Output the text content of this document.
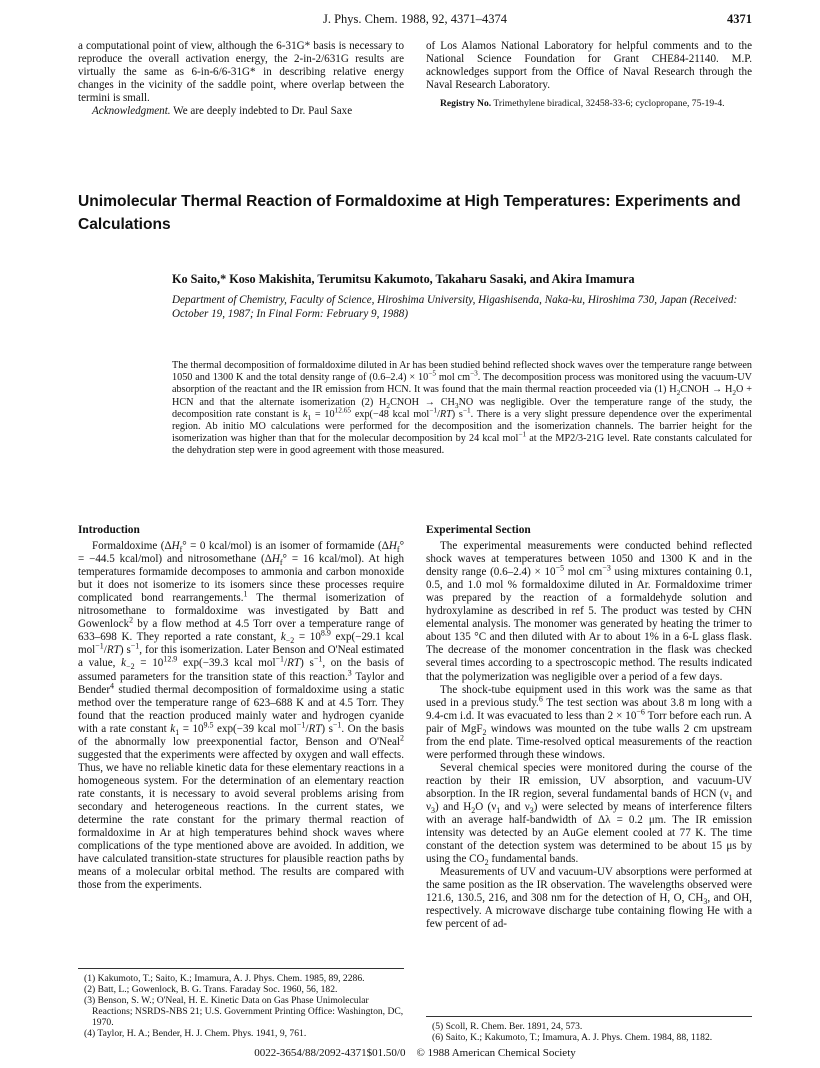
J. Phys. Chem. 1988, 92, 4371–4374	4371

a computational point of view, although the 6-31G* basis is necessary to reproduce the overall activation energy, the 2-in-2/631G results are virtually the same as 6-in-6/6-31G* in describing relative energy changes in the vicinity of the saddle point, where overlap between the termini is small.

Acknowledgment. We are deeply indebted to Dr. Paul Saxe

of Los Alamos National Laboratory for helpful comments and to the National Science Foundation for Grant CHE84-21140. M.P. acknowledges support from the Office of Naval Research through the Naval Research Laboratory.

Registry No. Trimethylene biradical, 32458-33-6; cyclopropane, 75-19-4.

Unimolecular Thermal Reaction of Formaldoxime at High Temperatures: Experiments and Calculations
Ko Saito,* Koso Makishita, Terumitsu Kakumoto, Takaharu Sasaki, and Akira Imamura
Department of Chemistry, Faculty of Science, Hiroshima University, Higashisenda, Naka-ku, Hiroshima 730, Japan (Received: October 19, 1987; In Final Form: February 9, 1988)
The thermal decomposition of formaldoxime diluted in Ar has been studied behind reflected shock waves over the temperature range between 1050 and 1300 K and the total density range of $(0.6-2.4) \times 10^{-5}$ mol $cm^{-3}$. The decomposition process was monitored using the vacuum-UV absorption of the reactant and the IR emission from HCN. It was found that the main thermal reaction proceeded via (1) $H_2CNOH \to H_2O$ + HCN and that the alternate isomerization (2) $H_2CNOH \to CH_3NO$ was negligible. Over the temperature range of the study, the decomposition rate constant is $k_1 = 10^{12.65}$ exp(−48 kcal mol$^{-1}$/RT) $s^{-1}$. There is a very slight pressure dependence over the experimental region. Ab initio MO calculations were performed for the decomposition and the isomerization channels. The barrier height for the isomerization was higher than that for the molecular decomposition by 24 kcal mol$^{-1}$ at the MP2/3-21G level. Rate constants calculated for the dehydration step were in good agreement with those measured.
Introduction

Formaldoxime ($\Delta H_f^\circ = 0$ kcal/mol) is an isomer of formamide ($\Delta H_f^\circ = -44.5$ kcal/mol) and nitrosomethane ($\Delta H_f^\circ = 16$ kcal/mol). At high temperatures formamide decomposes to ammonia and carbon monoxide but it does not isomerize to its isomers since these processes require complicated bond rearrangements.$^1$ The thermal isomerization of nitrosomethane to formaldoxime was investigated by Batt and Gowenlock$^2$ by a flow method at 4.5 Torr over a temperature range of 633–698 K. They reported a rate constant, $k_{-2} = 10^{8.9}$ exp(−29.1 kcal mol$^{-1}$/RT) $s^{-1}$, for this isomerization. Later Benson and O'Neal estimated a value, $k_{-2} = 10^{12.9}$ exp(−39.3 kcal mol$^{-1}$/RT) $s^{-1}$, on the basis of assumed parameters for the transition state of this reaction.$^3$ Taylor and Bender$^4$ studied thermal decomposition of formaldoxime using a static method over the temperature range of 623–688 K and at 4.5 Torr. They found that the reaction produced mainly water and hydrogen cyanide with a rate constant $k_1 = 10^{9.5}$ exp(−39 kcal mol$^{-1}$/RT) $s^{-1}$. On the basis of the abnormally low preexponential factor, Benson and O'Neal$^2$ suggested that the experiments were affected by oxygen and wall effects. Thus, we have no reliable kinetic data for these elementary reactions in a homogeneous system. For the determination of an elementary reaction rate constants, it is necessary to avoid several problems arising from secondary and heterogeneous reactions. In the current states, we determine the rate constant for the primary thermal reaction of formaldoxime in Ar at high temperatures behind shock waves where complications of the type mentioned above are avoided. In addition, we have calculated transition-state structures for plausible reaction paths by means of a molecular orbital method. The results are compared with those from the experiments.

Experimental Section

The experimental measurements were conducted behind reflected shock waves at temperatures between 1050 and 1300 K and in the density range $(0.6-2.4) \times 10^{-5}$ mol $cm^{-3}$ using mixtures containing 0.1, 0.5, and 1.0 mol % formaldoxime diluted in Ar. Formaldoxime trimer was prepared by the reaction of a formaldehyde solution and hydroxylamine as described in ref 5. The product was tested by CHN elemental analysis. The monomer was generated by heating the trimer to about 135 °C and then diluted with Ar to about 1% in a 6-L glass flask. The decrease of the monomer concentration in the flask was checked several times according to a spectroscopic method. The results indicated that the polymerization was negligible over a period of a few days.

The shock-tube equipment used in this work was the same as that used in a previous study.$^6$ The test section was about 3.8 m long with a 9.4-cm i.d. It was evacuated to less than $2 \times 10^{-6}$ Torr before each run. A pair of MgF$_2$ windows was mounted on the tube walls 2 cm upstream from the end plate. Time-resolved optical measurements of the reaction were performed through these windows.

Several chemical species were monitored during the course of the reaction by their IR emission, UV absorption, and vacuum-UV absorption. In the IR region, several fundamental bands of HCN ($\nu_1$ and $\nu_3$) and $H_2O$ ($\nu_1$ and $\nu_3$) were selected by means of interference filters with an average half-bandwidth of Δλ = 0.2 μm. The IR emission intensity was detected by an AuGe element cooled at 77 K. The time constant of the detection system was determined to be about 15 μs by using the $CO_2$ fundamental bands.

Measurements of UV and vacuum-UV absorptions were performed at the same position as the IR observation. The wavelengths observed were 121.6, 130.5, 216, and 308 nm for the detection of H, O, $CH_3$, and OH, respectively. A microwave discharge tube containing flowing He with a few percent of ad-

(1) Kakumoto, T.; Saito, K.; Imamura, A. J. Phys. Chem. 1985, 89, 2286.
(2) Batt, L.; Gowenlock, B. G. Trans. Faraday Soc. 1960, 56, 182.
(3) Benson, S. W.; O'Neal, H. E. Kinetic Data on Gas Phase Unimolecular Reactions; NSRDS-NBS 21; U.S. Government Printing Office: Washington, DC, 1970.
(4) Taylor, H. A.; Bender, H. J. Chem. Phys. 1941, 9, 761.
(5) Scoll, R. Chem. Ber. 1891, 24, 573.
(6) Saito, K.; Kakumoto, T.; Imamura, A. J. Phys. Chem. 1984, 88, 1182.
0022-3654/88/2092-4371$01.50/0 © 1988 American Chemical Society
